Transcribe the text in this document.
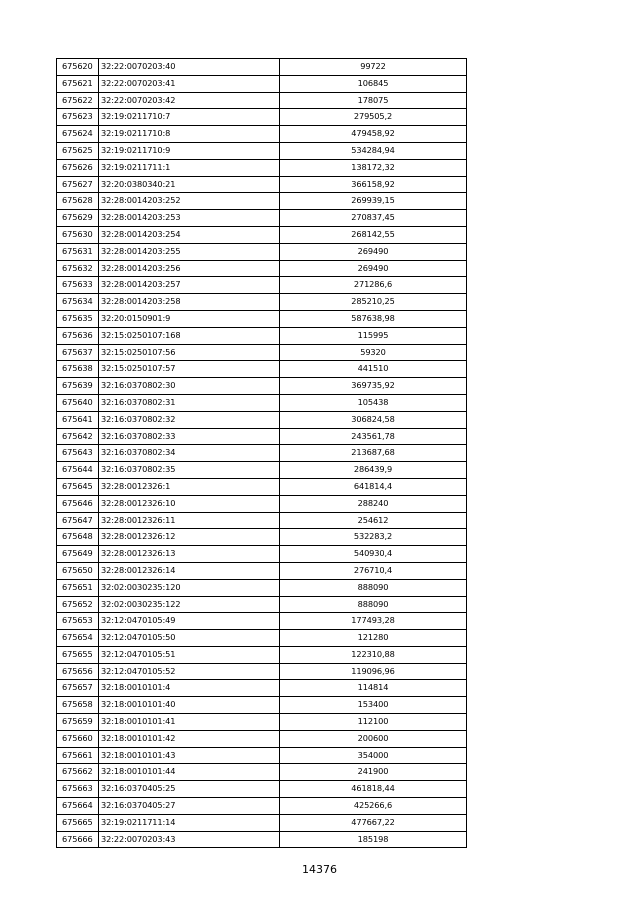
675620	32:22:0070203:40	99722
675621	32:22:0070203:41	106845
675622	32:22:0070203:42	178075
675623	32:19:0211710:7	279505,2
675624	32:19:0211710:8	479458,92
675625	32:19:0211710:9	534284,94
675626	32:19:0211711:1	138172,32
675627	32:20:0380340:21	366158,92
675628	32:28:0014203:252	269939,15
675629	32:28:0014203:253	270837,45
675630	32:28:0014203:254	268142,55
675631	32:28:0014203:255	269490
675632	32:28:0014203:256	269490
675633	32:28:0014203:257	271286,6
675634	32:28:0014203:258	285210,25
675635	32:20:0150901:9	587638,98
675636	32:15:0250107:168	115995
675637	32:15:0250107:56	59320
675638	32:15:0250107:57	441510
675639	32:16:0370802:30	369735,92
675640	32:16:0370802:31	105438
675641	32:16:0370802:32	306824,58
675642	32:16:0370802:33	243561,78
675643	32:16:0370802:34	213687,68
675644	32:16:0370802:35	286439,9
675645	32:28:0012326:1	641814,4
675646	32:28:0012326:10	288240
675647	32:28:0012326:11	254612
675648	32:28:0012326:12	532283,2
675649	32:28:0012326:13	540930,4
675650	32:28:0012326:14	276710,4
675651	32:02:0030235:120	888090
675652	32:02:0030235:122	888090
675653	32:12:0470105:49	177493,28
675654	32:12:0470105:50	121280
675655	32:12:0470105:51	122310,88
675656	32:12:0470105:52	119096,96
675657	32:18:0010101:4	114814
675658	32:18:0010101:40	153400
675659	32:18:0010101:41	112100
675660	32:18:0010101:42	200600
675661	32:18:0010101:43	354000
675662	32:18:0010101:44	241900
675663	32:16:0370405:25	461818,44
675664	32:16:0370405:27	425266,6
675665	32:19:0211711:14	477667,22
675666	32:22:0070203:43	185198
14376
